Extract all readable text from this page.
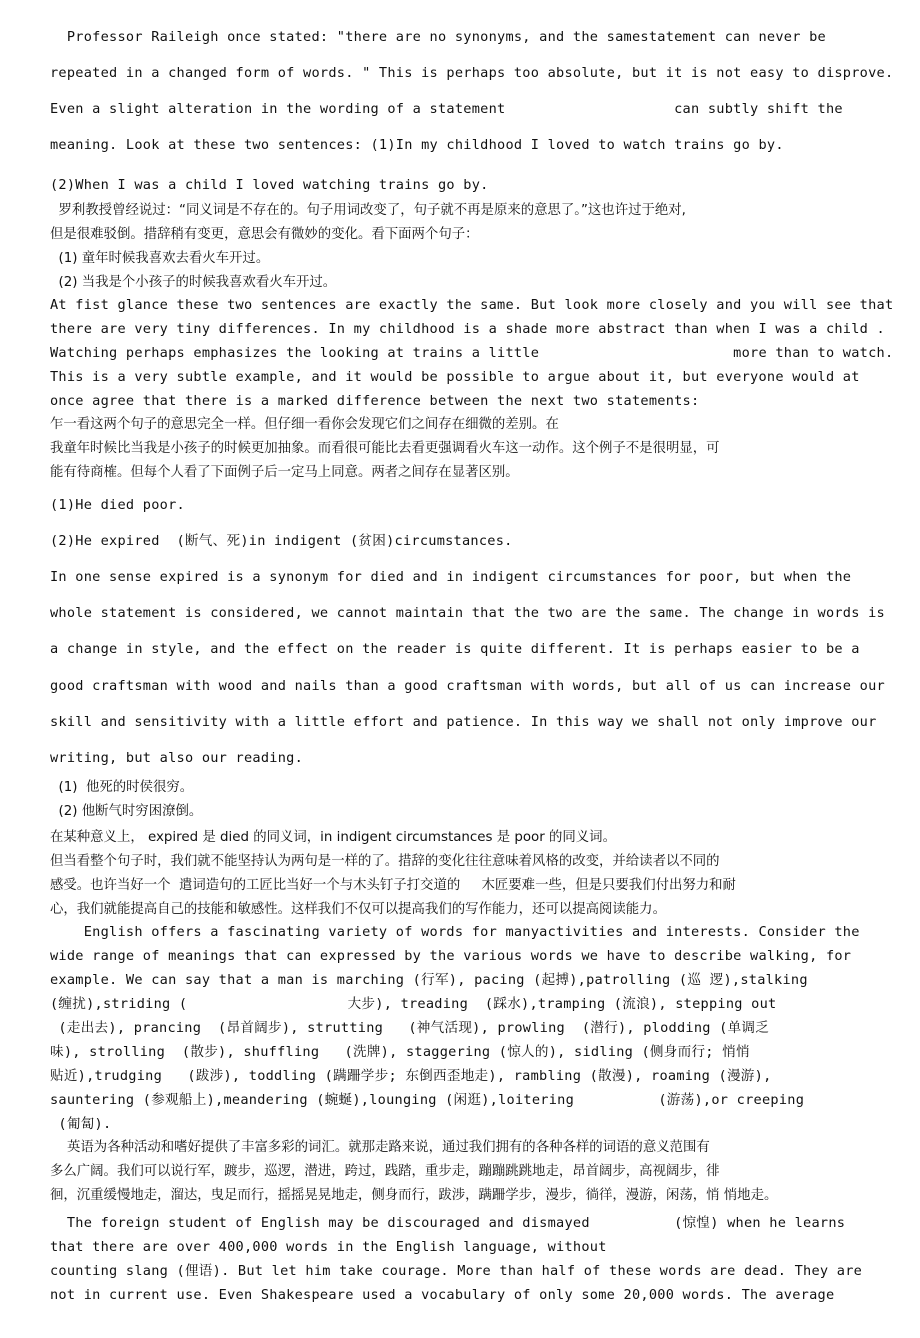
Professor Raileigh once stated: "there are no synonyms, and the samestatement can never be
repeated in a changed form of words. " This is perhaps too absolute, but it is not easy to disprove.
Even a slight alteration in the wording of a statement                    can subtly shift the
meaning. Look at these two sentences: (1)In my childhood I loved to watch trains go by.
(2)When I was a child I loved watching trains go by.
罗利教授曾经说过：“同义词是不存在的。句子用词改变了，句子就不再是原来的意思了。”这也许过于绝对,
但是很难驳倒。措辞稍有变更，意思会有微妙的变化。看下面两个句子：
(1) 童年时候我喜欢去看火车开过。
(2) 当我是个小孩子的时候我喜欢看火车开过。
At fist glance these two sentences are exactly the same. But look more closely and you will see that
there are very tiny differences. In my childhood is a shade more abstract than when I was a child .
Watching perhaps emphasizes the looking at trains a little                       more than to watch.
This is a very subtle example, and it would be possible to argue about it, but everyone would at
once agree that there is a marked difference between the next two statements:
乍一看这两个句子的意思完全一样。但仔细一看你会发现它们之间存在细微的差别。在
我童年时候比当我是小孩子的时候更加抽象。而看很可能比去看更强调看火车这一动作。这个例子不是很明显，可
能有待商榷。但每个人看了下面例子后一定马上同意。两者之间存在显著区别。
(1)He died poor.
(2)He expired  (断气、死)in indigent (贫困)circumstances.
In one sense expired is a synonym for died and in indigent circumstances for poor, but when the
whole statement is considered, we cannot maintain that the two are the same. The change in words is
a change in style, and the effect on the reader is quite different. It is perhaps easier to be a
good craftsman with wood and nails than a good craftsman with words, but all of us can increase our
skill and sensitivity with a little effort and patience. In this way we shall not only improve our
writing, but also our reading.
(1)  他死的时侯很穷。
(2) 他断气时穷困潦倒。
在某种意义上， expired 是 died 的同义词，in indigent circumstances 是 poor 的同义词。
但当看整个句子时，我们就不能坚持认为两句是一样的了。措辞的变化往往意味着风格的改变，并给读者以不同的
感受。也许当好一个  遣词造句的工匠比当好一个与木头钉子打交道的     木匠要难一些，但是只要我们付出努力和耐
心，我们就能提高自己的技能和敏感性。这样我们不仅可以提高我们的写作能力，还可以提高阅读能力。
English offers a fascinating variety of words for manyactivities and interests. Consider the
wide range of meanings that can expressed by the various words we have to describe walking, for
example. We can say that a man is marching (行军), pacing (起搏),patrolling (巡 逻),stalking
(缠扰),striding (                   大步), treading  (踩水),tramping (流浪), stepping out
(走出去), prancing  (昂首阔步), strutting   (神气活现), prowling  (潜行), plodding (单调乏
味), strolling  (散步), shuffling   (洗牌), staggering (惊人的), sidling (侧身而行; 悄悄
贴近),trudging   (跋涉), toddling (蹒跚学步; 东倒西歪地走), rambling (散漫), roaming (漫游),
sauntering (参观船上),meandering (蜿蜒),lounging (闲逛),loitering          (游荡),or creeping
(匍匐).
英语为各种活动和嗜好提供了丰富多彩的词汇。就那走路来说，通过我们拥有的各种各样的词语的意义范围有
多么广阔。我们可以说行军，踱步，巡逻，潜进，跨过，践踏，重步走，蹦蹦跳跳地走，昂首阔步，高视阔步，徘
徊，沉重缓慢地走，溜达，曳足而行，摇摇晃晃地走，侧身而行，跋涉，蹒跚学步，漫步，徜徉，漫游，闲荡，悄 悄地走。
The foreign student of English may be discouraged and dismayed          (惊惶) when he learns
that there are over 400,000 words in the English language, without
counting slang (俚语). But let him take courage. More than half of these words are dead. They are
not in current use. Even Shakespeare used a vocabulary of only some 20,000 words. The average
